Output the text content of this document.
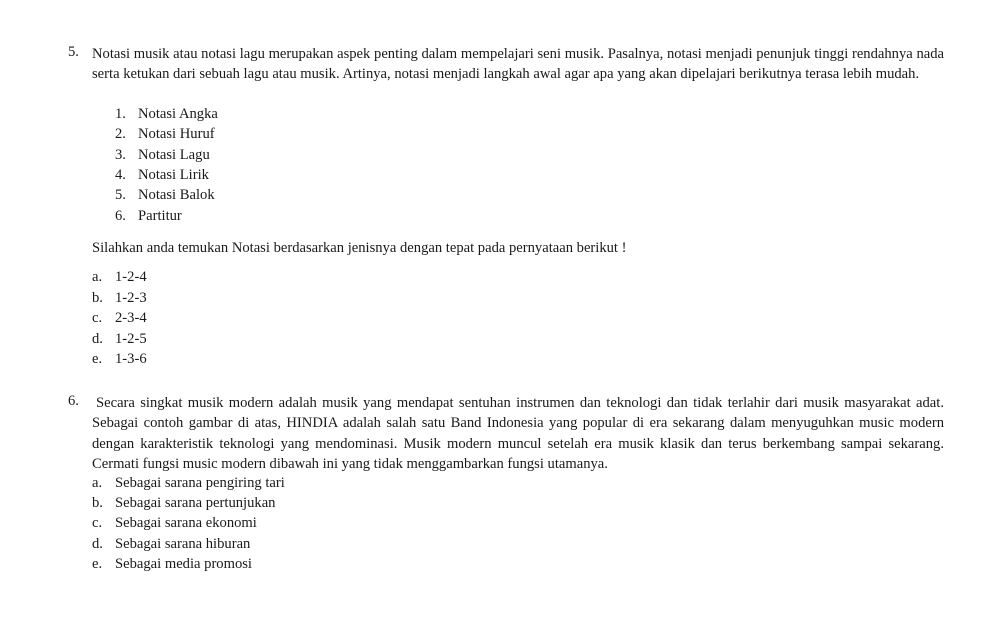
5. Notasi musik atau notasi lagu merupakan aspek penting dalam mempelajari seni musik. Pasalnya, notasi menjadi penunjuk tinggi rendahnya nada serta ketukan dari sebuah lagu atau musik. Artinya, notasi menjadi langkah awal agar apa yang akan dipelajari berikutnya terasa lebih mudah.
1. Notasi Angka
2. Notasi Huruf
3. Notasi Lagu
4. Notasi Lirik
5. Notasi Balok
6. Partitur
Silahkan anda temukan Notasi berdasarkan jenisnya dengan tepat pada pernyataan berikut !
a. 1-2-4
b. 1-2-3
c. 2-3-4
d. 1-2-5
e. 1-3-6
6.	Secara singkat musik modern adalah musik yang mendapat sentuhan instrumen dan teknologi dan tidak terlahir dari musik masyarakat adat. Sebagai contoh gambar di atas, HINDIA adalah salah satu Band Indonesia yang popular di era sekarang dalam menyuguhkan music modern dengan karakteristik teknologi yang mendominasi. Musik modern muncul setelah era musik klasik dan terus berkembang sampai sekarang. Cermati fungsi music modern dibawah ini yang tidak menggambarkan fungsi utamanya.
a. Sebagai sarana pengiring tari
b. Sebagai sarana pertunjukan
c. Sebagai sarana ekonomi
d. Sebagai sarana hiburan
e. Sebagai media promosi
